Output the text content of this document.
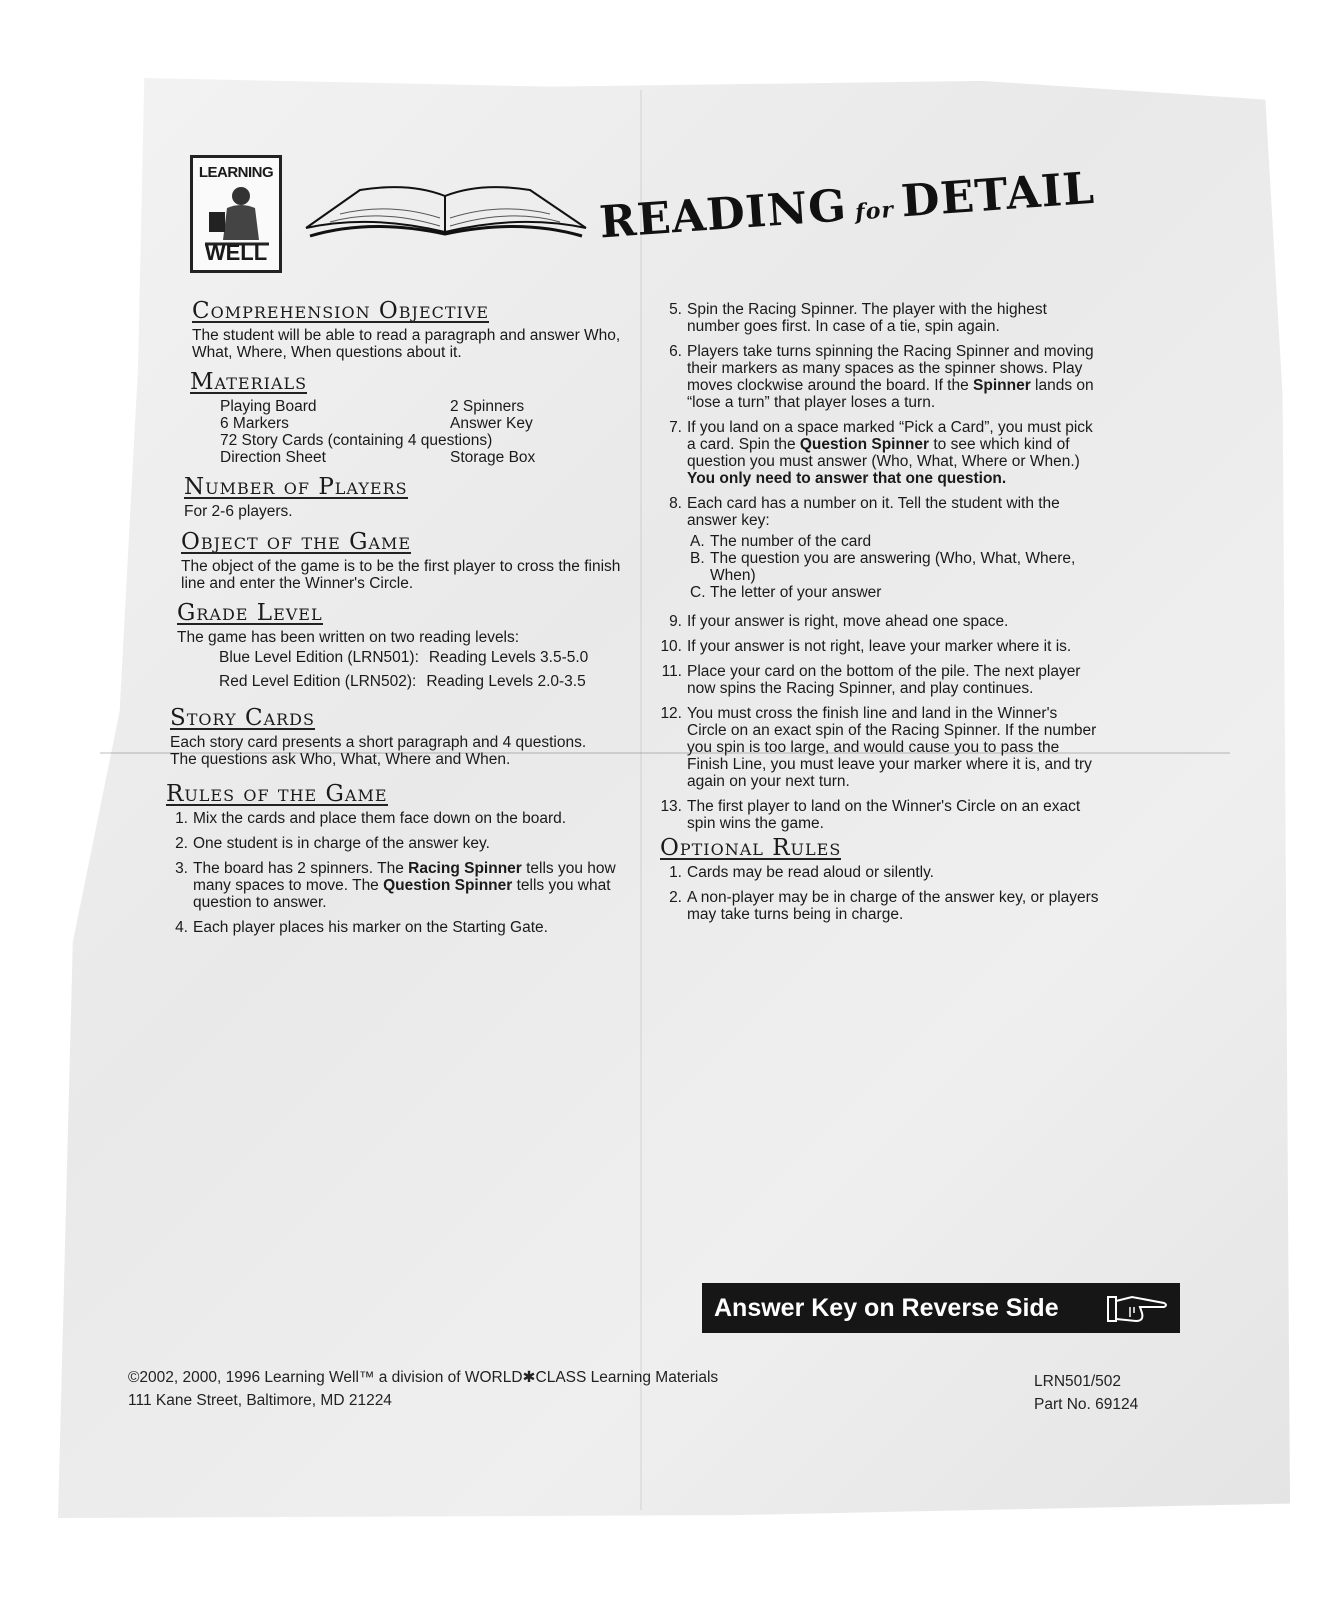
LEARNING
WELL
READING for DETAIL
Comprehension Objective

The student will be able to read a paragraph and answer Who, What, Where, When questions about it.

Materials
Playing Board	2 Spinners
6 Markers	Answer Key
72 Story Cards (containing 4 questions)
Direction Sheet	Storage Box
Number of Players

For 2-6 players.

Object of the Game

The object of the game is to be the first player to cross the finish line and enter the Winner's Circle.

Grade Level

The game has been written on two reading levels:

Blue Level Edition (LRN501): Reading Levels 3.5-5.0
Red Level Edition (LRN502): Reading Levels 2.0-3.5
Story Cards

Each story card presents a short paragraph and 4 questions. The questions ask Who, What, Where and When.

Rules of the Game
1. Mix the cards and place them face down on the board.
2. One student is in charge of the answer key.
3. The board has 2 spinners. The Racing Spinner tells you how many spaces to move. The Question Spinner tells you what question to answer.
4. Each player places his marker on the Starting Gate.
5. Spin the Racing Spinner. The player with the highest number goes first. In case of a tie, spin again.
6. Players take turns spinning the Racing Spinner and moving their markers as many spaces as the spinner shows. Play moves clockwise around the board. If the Spinner lands on “lose a turn” that player loses a turn.
7. If you land on a space marked “Pick a Card”, you must pick a card. Spin the Question Spinner to see which kind of question you must answer (Who, What, Where or When.) You only need to answer that one question.
8. Each card has a number on it. Tell the student with the answer key:
A. The number of the card
B. The question you are answering (Who, What, Where, When)
C. The letter of your answer
9. If your answer is right, move ahead one space.
10. If your answer is not right, leave your marker where it is.
11. Place your card on the bottom of the pile. The next player now spins the Racing Spinner, and play continues.
12. You must cross the finish line and land in the Winner's Circle on an exact spin of the Racing Spinner. If the number you spin is too large, and would cause you to pass the Finish Line, you must leave your marker where it is, and try again on your next turn.
13. The first player to land on the Winner's Circle on an exact spin wins the game.
Optional Rules
1. Cards may be read aloud or silently.
2. A non-player may be in charge of the answer key, or players may take turns being in charge.
Answer Key on Reverse Side
©2002, 2000, 1996 Learning Well™ a division of WORLD✱CLASS Learning Materials
111 Kane Street, Baltimore, MD 21224
LRN501/502
Part No. 69124
